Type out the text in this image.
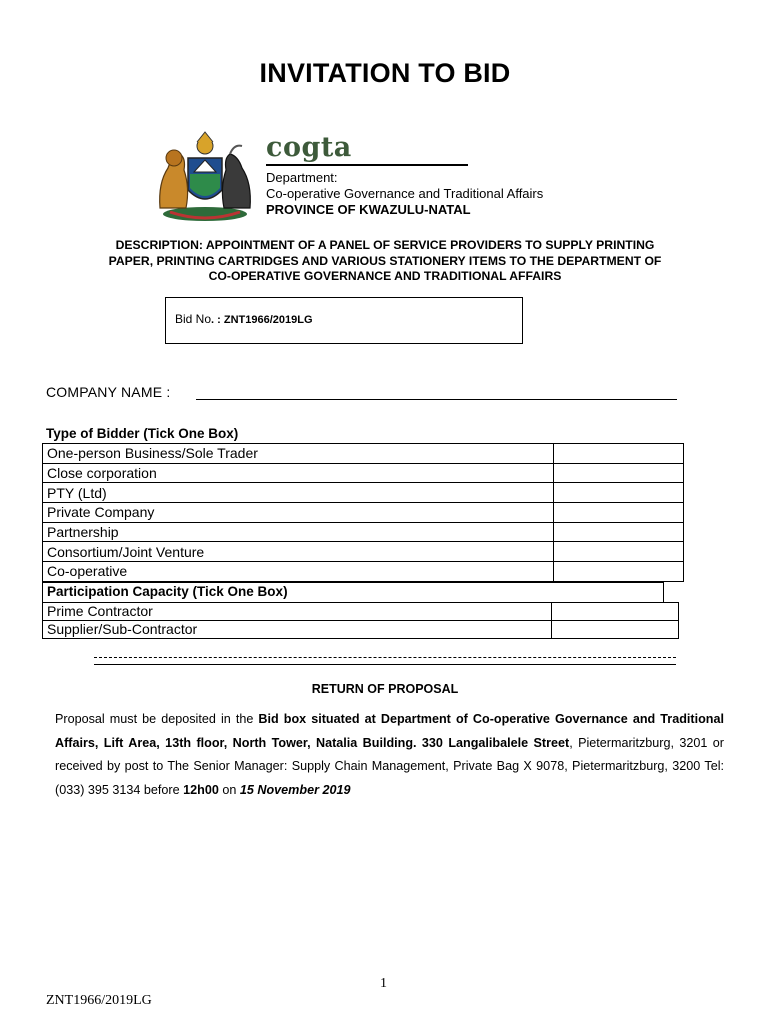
INVITATION TO BID
cogta
Department:
Co-operative Governance and Traditional Affairs
PROVINCE OF KWAZULU-NATAL
DESCRIPTION: APPOINTMENT OF A PANEL OF SERVICE PROVIDERS TO SUPPLY PRINTING
PAPER, PRINTING CARTRIDGES AND VARIOUS STATIONERY ITEMS TO THE DEPARTMENT OF
CO-OPERATIVE GOVERNANCE AND TRADITIONAL AFFAIRS
Bid No. : ZNT1966/2019LG
COMPANY NAME :
Type of Bidder (Tick One Box)
One-person Business/Sole Trader	
Close corporation	
PTY (Ltd)	
Private Company	
Partnership	
Consortium/Joint Venture	
Co-operative	
Participation Capacity (Tick One Box)
Prime Contractor	
Supplier/Sub-Contractor	
RETURN OF PROPOSAL
Proposal must be deposited in the Bid box situated at Department of Co-operative Governance and Traditional Affairs, Lift Area, 13th floor, North Tower, Natalia Building. 330 Langalibalele Street, Pietermaritzburg, 3201 or received by post to The Senior Manager: Supply Chain Management, Private Bag X 9078, Pietermaritzburg, 3200 Tel: (033) 395 3134 before 12h00 on 15 November 2019
1
ZNT1966/2019LG
